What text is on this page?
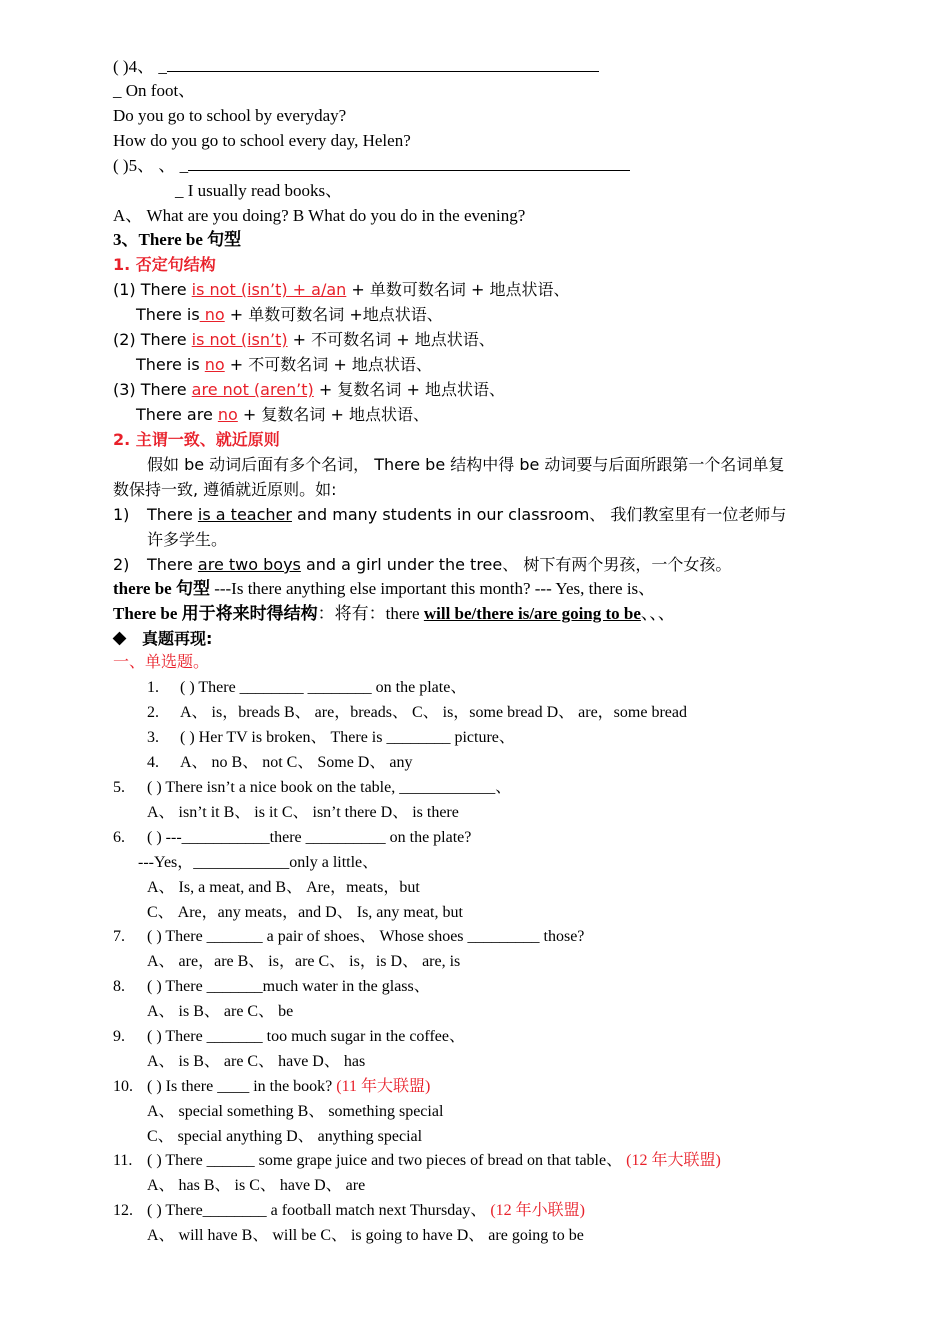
( )4、 _
_ On foot、
Do you go to school by everyday?
How do you go to school every day, Helen?
( )5、 、 _
_ I usually read books、
A、 What are you doing? B What do you do in the evening?
3、There be 句型
1. 否定句结构
(1) There is not (isn’t) + a/an + 单数可数名词 + 地点状语、
There is no + 单数可数名词 +地点状语、
(2) There is not (isn’t) + 不可数名词 + 地点状语、
There is no + 不可数名词 + 地点状语、
(3) There are not (aren’t) + 复数名词 + 地点状语、
There are no + 复数名词 + 地点状语、
2. 主谓一致、就近原则
假如 be 动词后面有多个名词， There be 结构中得 be 动词要与后面所跟第一个名词单复
数保持一致, 遵循就近原则。如:
1) There is a teacher and many students in our classroom、 我们教室里有一位老师与
许多学生。
2) There are two boys and a girl under the tree、 树下有两个男孩，一个女孩。
there be 句型 ---Is there anything else important this month? --- Yes, there is、
There be 用于将来时得结构：将有：there will be/there is/are going to be、、、
真题再现:
一、单选题。
1. ( ) There ________ ________ on the plate、
2. A、 is，breads B、 are，breads、 C、 is，some bread D、 are，some bread
3. ( ) Her TV is broken、 There is ________ picture、
4. A、 no B、 not C、 Some D、 any
5. ( ) There isn’t a nice book on the table, ____________、
A、 isn’t it B、 is it C、 isn’t there D、 is there
6. ( ) ---___________there __________ on the plate?
---Yes，____________only a little、
A、 Is, a meat, and B、 Are，meats，but
C、 Are，any meats，and D、 Is, any meat, but
7. ( ) There _______ a pair of shoes、 Whose shoes _________ those?
A、 are，are B、 is，are C、 is，is D、 are, is
8. ( ) There _______much water in the glass、
A、 is B、 are C、 be
9. ( ) There _______ too much sugar in the coffee、
A、 is B、 are C、 have D、 has
10. ( ) Is there ____ in the book? (11 年大联盟)
A、 special something B、 something special
C、 special anything D、 anything special
11. ( ) There ______ some grape juice and two pieces of bread on that table、 (12 年大联盟)
A、 has B、 is C、 have D、 are
12. ( ) There________ a football match next Thursday、 (12 年小联盟)
A、 will have B、 will be C、 is going to have D、 are going to be
